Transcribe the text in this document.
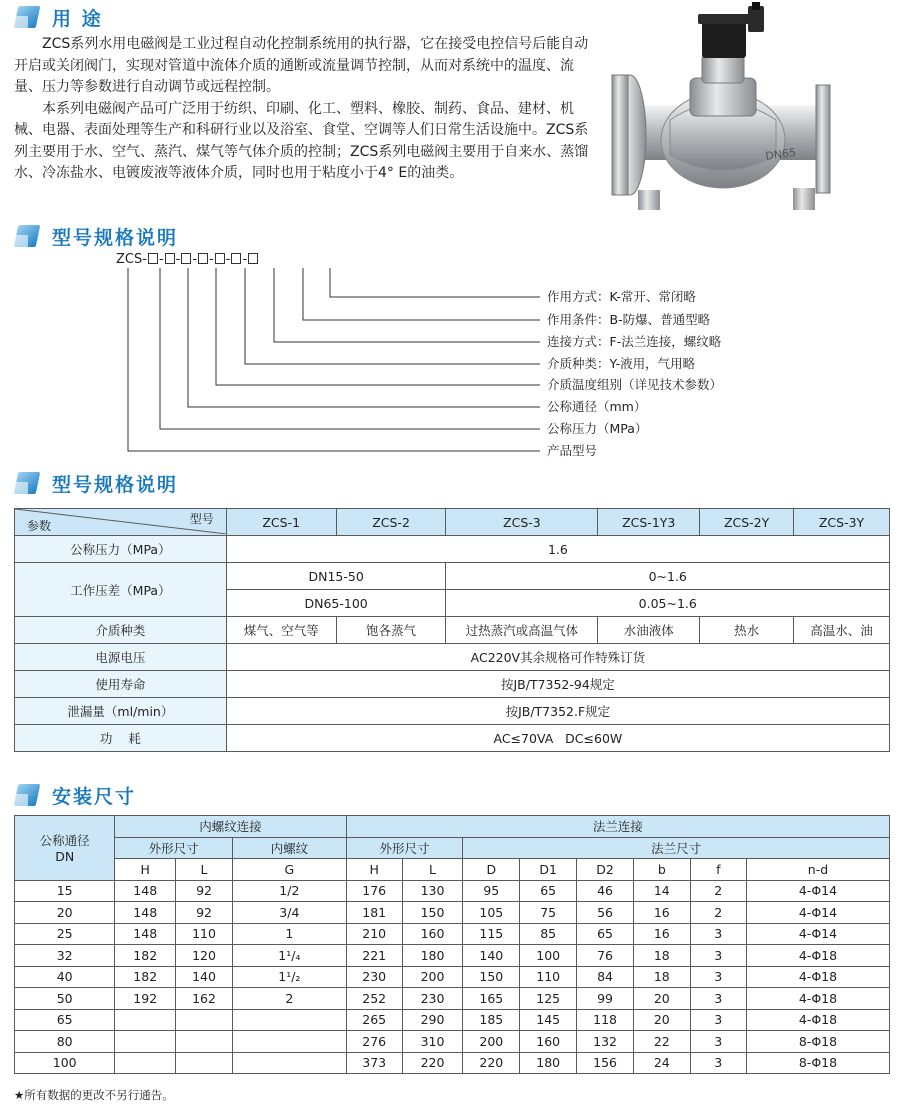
用 途

ZCS系列水用电磁阀是工业过程自动化控制系统用的执行器，它在接受电控信号后能自动开启或关闭阀门，实现对管道中流体介质的通断或流量调节控制，从而对系统中的温度、流量、压力等参数进行自动调节或远程控制。

本系列电磁阀产品可广泛用于纺织、印刷、化工、塑料、橡胶、制药、食品、建材、机械、电器、表面处理等生产和科研行业以及浴室、食堂、空调等人们日常生活设施中。ZCS系列主要用于水、空气、蒸汽、煤气等气体介质的控制；ZCS系列电磁阀主要用于自来水、蒸馏水、冷冻盐水、电镀废液等液体介质，同时也用于粘度小于4° E的油类。

DN65
型号规格说明
ZCS- - - - - - -
作用方式：K-常开、常闭略
作用条件：B-防爆、普通型略
连接方式：F-法兰连接，螺纹略
介质种类：Y-液用，气用略
介质温度组别（详见技术参数）
公称通径（mm）
公称压力（MPa）
产品型号
型号规格说明
型号
参数	ZCS-1	ZCS-2	ZCS-3	ZCS-1Y3	ZCS-2Y	ZCS-3Y
公称压力（MPa）	1.6					
工作压差（MPa）	DN15-50		0~1.6			
	DN65-100		0.05~1.6			
介质种类	煤气、空气等	饱各蒸气	过热蒸汽或高温气体	水油液体	热水	高温水、油
电源电压	AC220V其余规格可作特殊订货					
使用寿命	按JB/T7352-94规定					
泄漏量（ml/min）	按JB/T7352.F规定					
功    耗	AC≤70VA   DC≤60W					
安装尺寸
公称通径
DN	内螺纹连接			法兰连接							
	外形尺寸		内螺纹	外形尺寸		法兰尺寸					
	H	L	G	H	L	D	D1	D2	b	f	n-d
15	148	92	1/2	176	130	95	65	46	14	2	4-Φ14
20	148	92	3/4	181	150	105	75	56	16	2	4-Φ14
25	148	110	1	210	160	115	85	65	16	3	4-Φ14
32	182	120	1¹/₄	221	180	140	100	76	18	3	4-Φ18
40	182	140	1¹/₂	230	200	150	110	84	18	3	4-Φ18
50	192	162	2	252	230	165	125	99	20	3	4-Φ18
65				265	290	185	145	118	20	3	4-Φ18
80				276	310	200	160	132	22	3	8-Φ18
100				373	220	220	180	156	24	3	8-Φ18
★所有数据的更改不另行通告。
